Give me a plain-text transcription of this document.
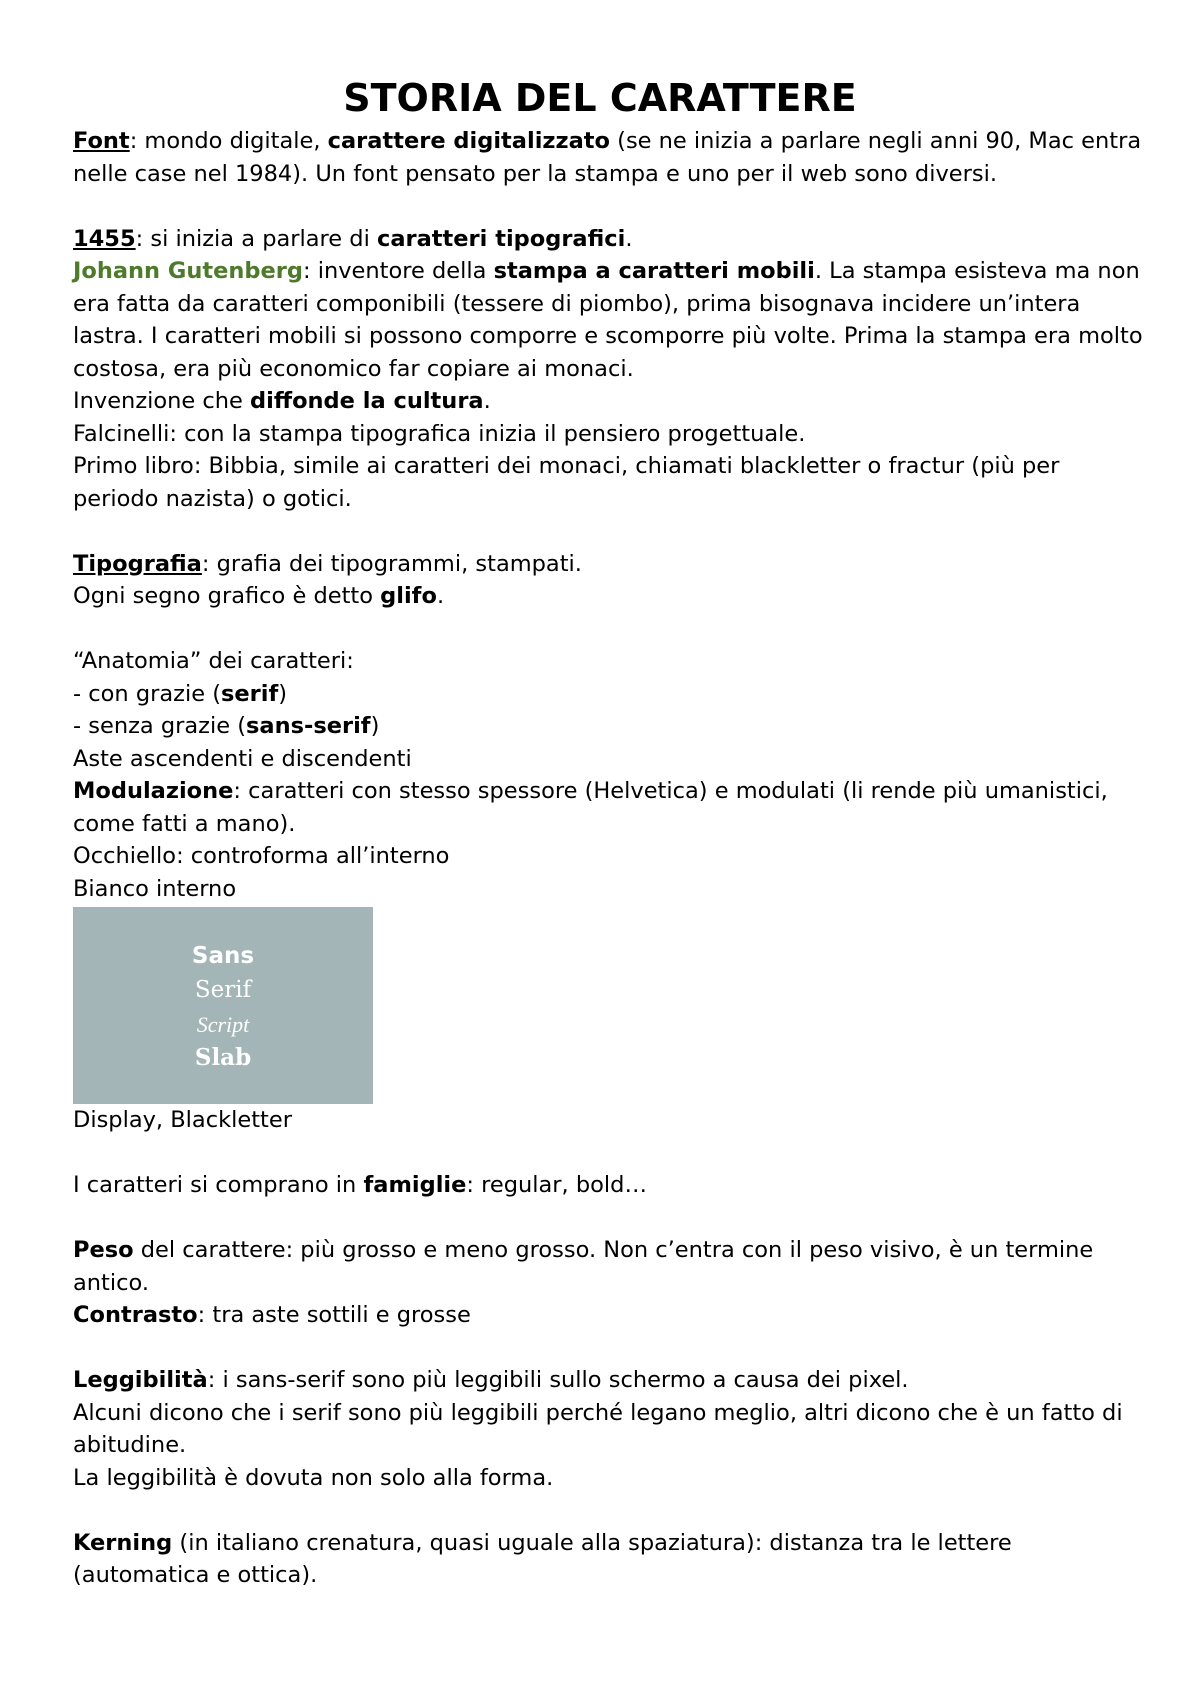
STORIA DEL CARATTERE

Font: mondo digitale, carattere digitalizzato (se ne inizia a parlare negli anni 90, Mac entra nelle case nel 1984). Un font pensato per la stampa e uno per il web sono diversi.

1455: si inizia a parlare di caratteri tipografici.

Johann Gutenberg: inventore della stampa a caratteri mobili. La stampa esisteva ma non era fatta da caratteri componibili (tessere di piombo), prima bisognava incidere un’intera lastra. I caratteri mobili si possono comporre e scomporre più volte. Prima la stampa era molto costosa, era più economico far copiare ai monaci.

Invenzione che diffonde la cultura.

Falcinelli: con la stampa tipografica inizia il pensiero progettuale.

Primo libro: Bibbia, simile ai caratteri dei monaci, chiamati blackletter o fractur (più per periodo nazista) o gotici.

Tipografia: grafia dei tipogrammi, stampati.

Ogni segno grafico è detto glifo.

“Anatomia” dei caratteri:

- con grazie (serif)

- senza grazie (sans-serif)

Aste ascendenti e discendenti

Modulazione: caratteri con stesso spessore (Helvetica) e modulati (li rende più umanistici, come fatti a mano).

Occhiello: controforma all’interno

Bianco interno

Sans
Serif
Script
Slab

Display, Blackletter

I caratteri si comprano in famiglie: regular, bold…

Peso del carattere: più grosso e meno grosso. Non c’entra con il peso visivo, è un termine antico.

Contrasto: tra aste sottili e grosse

Leggibilità: i sans-serif sono più leggibili sullo schermo a causa dei pixel.

Alcuni dicono che i serif sono più leggibili perché legano meglio, altri dicono che è un fatto di abitudine.

La leggibilità è dovuta non solo alla forma.

Kerning (in italiano crenatura, quasi uguale alla spaziatura): distanza tra le lettere (automatica e ottica).
